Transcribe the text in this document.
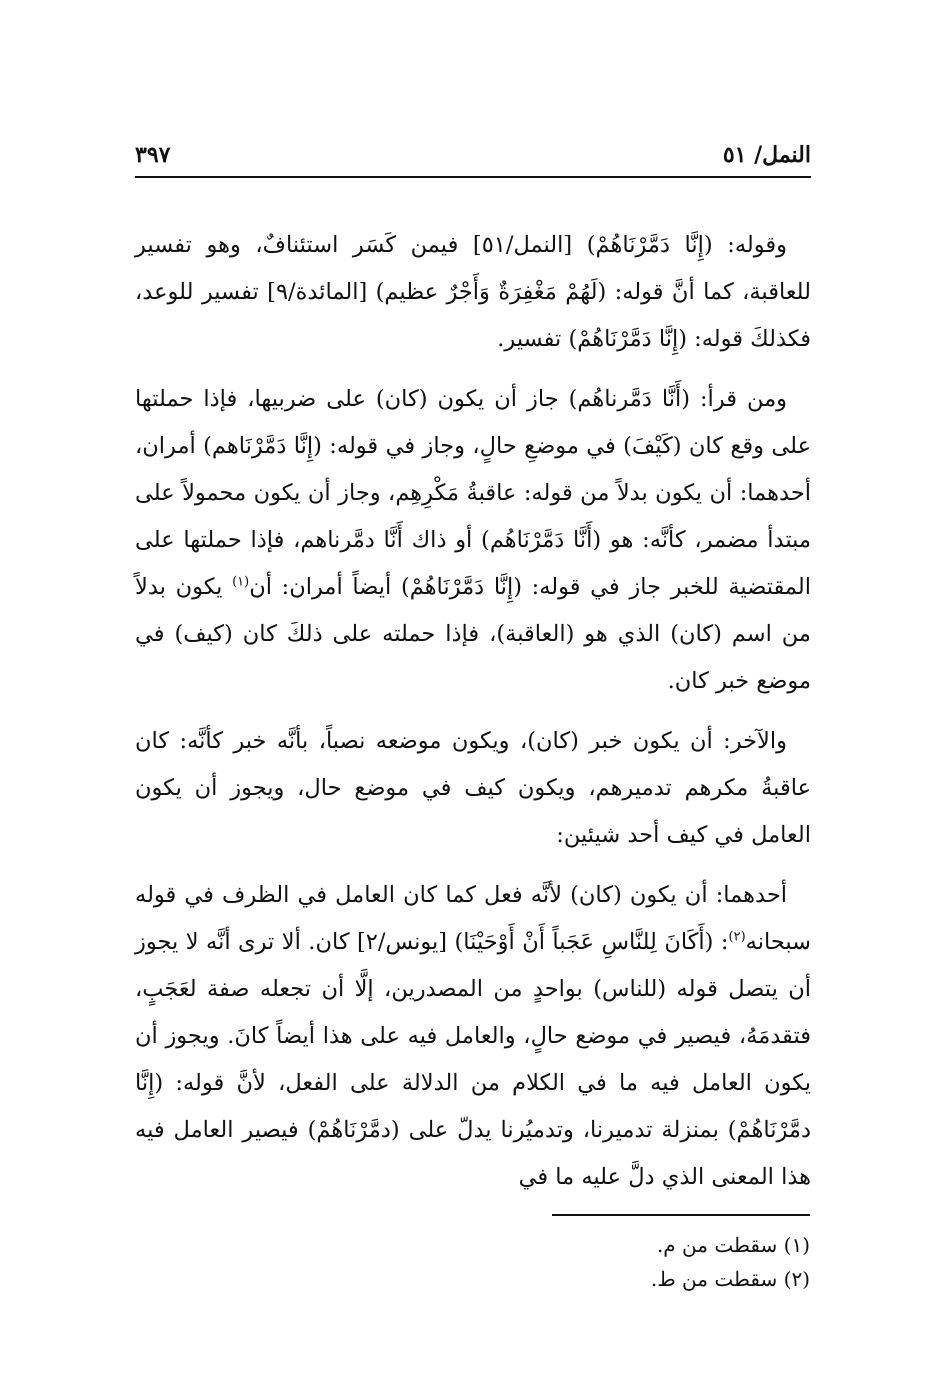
النمل/ ٥١
٣٩٧

وقوله: (إِنَّا دَمَّرْنَاهُمْ) [النمل/٥١] فيمن كَسَر استئنافٌ، وهو تفسير للعاقبة، كما أنَّ قوله: (لَهُمْ مَغْفِرَةٌ وَأَجْرٌ عظيم) [المائدة/٩] تفسير للوعد، فكذلكَ قوله: (إِنَّا دَمَّرْنَاهُمْ) تفسير.

ومن قرأ: (أَنَّا دَمَّرناهُم) جاز أن يكون (كان) على ضربيها، فإذا حملتها على وقع كان (كَيْفَ) في موضعِ حالٍ، وجاز في قوله: (إِنَّا دَمَّرْنَاهم) أمران، أحدهما: أن يكون بدلاً من قوله: عاقبةُ مَكْرِهِم، وجاز أن يكون محمولاً على مبتدأ مضمر، كأنَّه: هو (أَنَّا دَمَّرْنَاهُم) أو ذاك أَنَّا دمَّرناهم، فإذا حملتها على المقتضية للخبر جاز في قوله: (إِنَّا دَمَّرْنَاهُمْ) أيضاً أمران: أن$^{(١)}$ يكون بدلاً من اسم (كان) الذي هو (العاقبة)، فإذا حملته على ذلكَ كان (كيف) في موضع خبر كان.

والآخر: أن يكون خبر (كان)، ويكون موضعه نصباً، بأنَّه خبر كأنَّه: كان عاقبةُ مكرهم تدميرهم، ويكون كيف في موضع حال، ويجوز أن يكون العامل في كيف أحد شيئين:

أحدهما: أن يكون (كان) لأنَّه فعل كما كان العامل في الظرف في قوله سبحانه$^{(٢)}$: (أَكَانَ لِلنَّاسِ عَجَباً أَنْ أَوْحَيْنَا) [يونس/٢] كان. ألا ترى أنَّه لا يجوز أن يتصل قوله (للناس) بواحدٍ من المصدرين، إلَّا أن تجعله صفة لعَجَبٍ، فتقدمَهُ، فيصير في موضع حالٍ، والعامل فيه على هذا أيضاً كانَ. ويجوز أن يكون العامل فيه ما في الكلام من الدلالة على الفعل، لأنَّ قوله: (إِنَّا دمَّرْنَاهُمْ) بمنزلة تدميرنا، وتدميُرنا يدلّ على (دمَّرْنَاهُمْ) فيصير العامل فيه هذا المعنى الذي دلَّ عليه ما في

(١) سقطت من م.
(٢) سقطت من ط.
